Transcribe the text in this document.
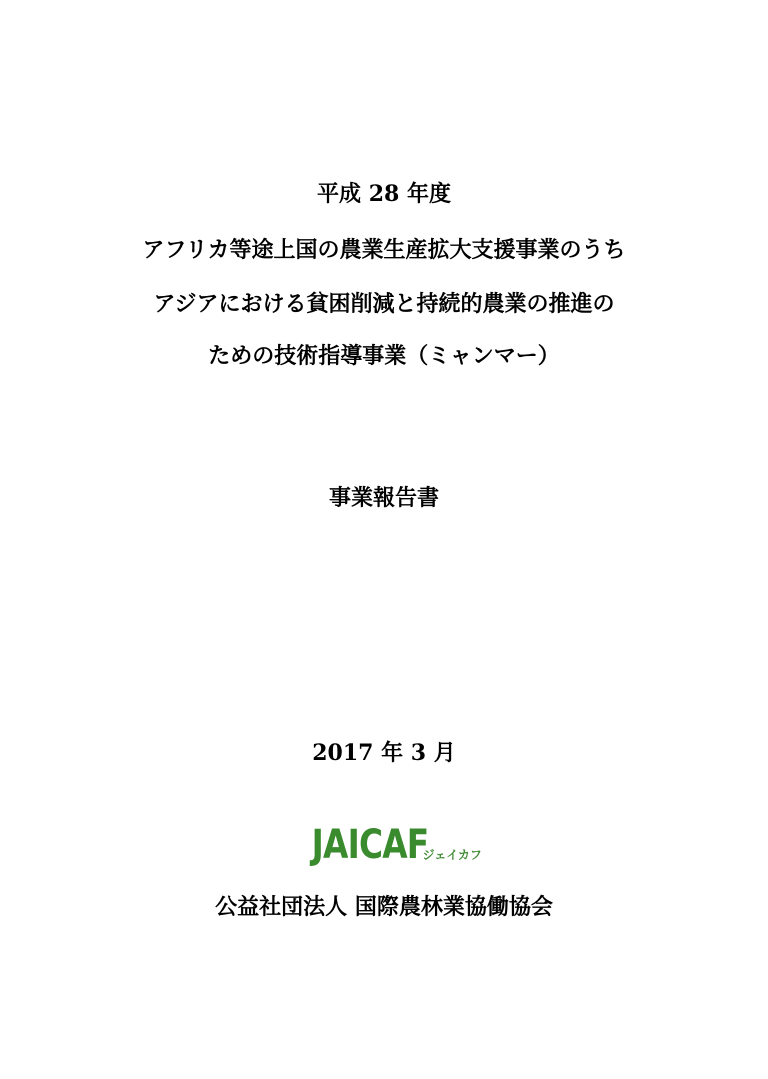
平成 28 年度
アフリカ等途上国の農業生産拡大支援事業のうち
アジアにおける貧困削減と持続的農業の推進の
ための技術指導事業（ミャンマー）
事業報告書
2017 年 3 月
JAICAFジェイカフ
公益社団法人 国際農林業協働協会
